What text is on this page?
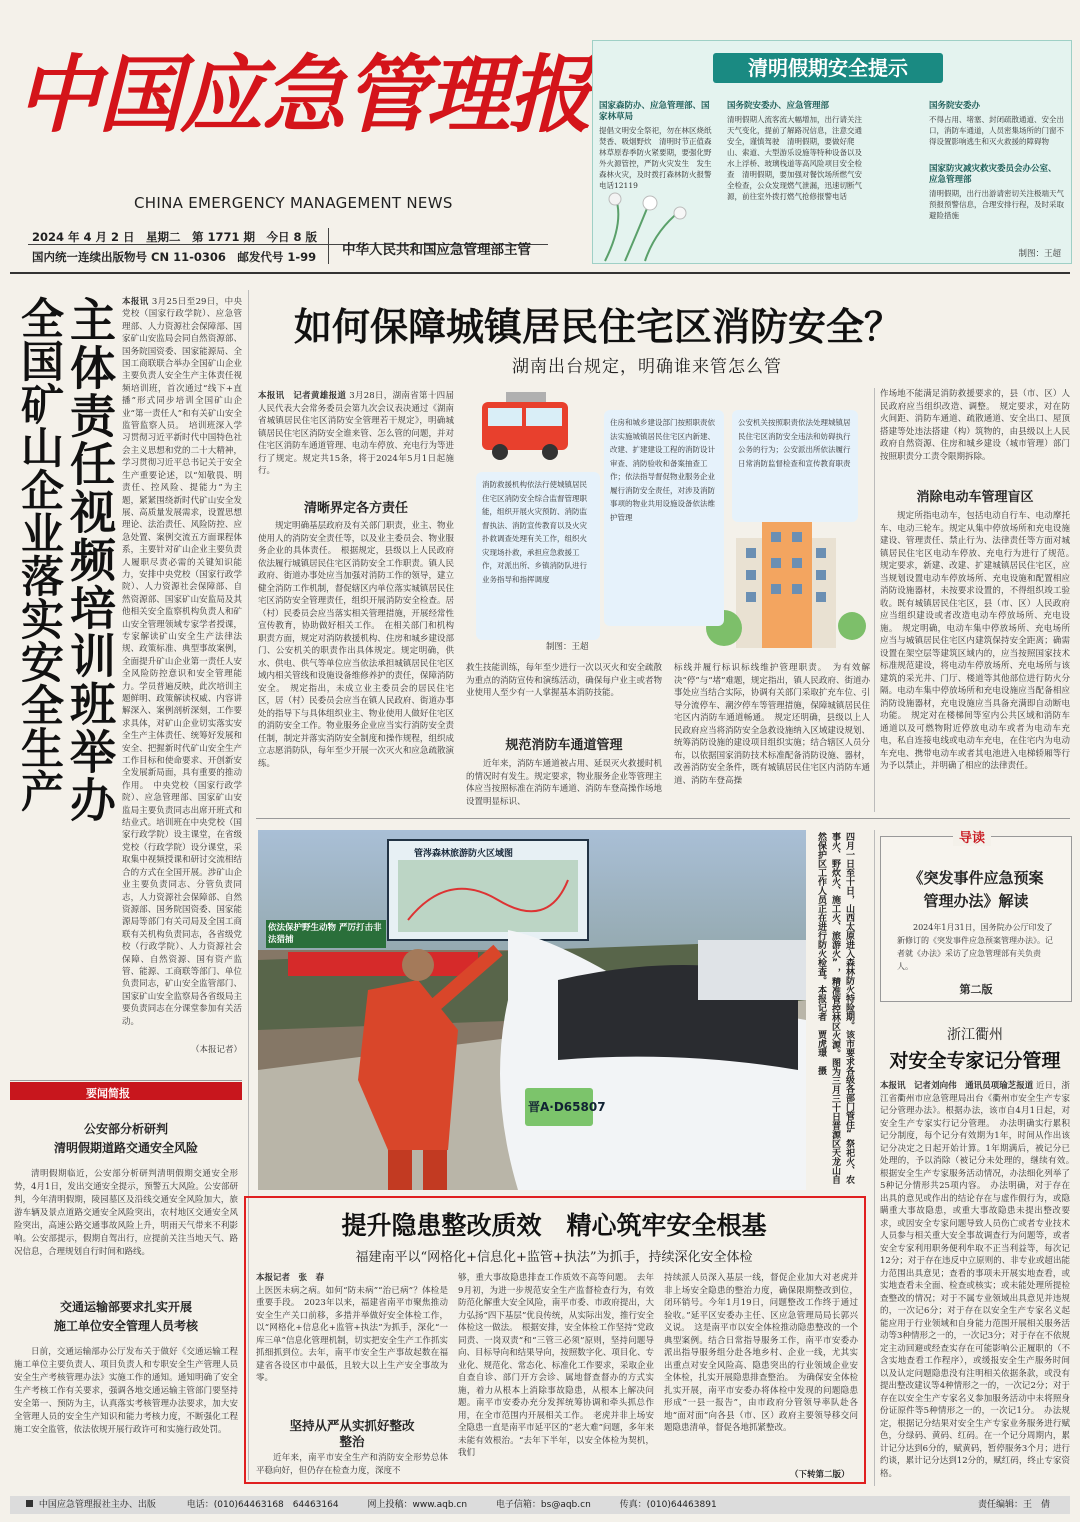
中国应急管理报
CHINA EMERGENCY MANAGEMENT NEWS
2024 年 4 月 2 日　星期二　第 1771 期　今日 8 版
国内统一连续出版物号 CN 11-0306　邮发代号 1-99 中华人民共和国应急管理部主管
清明假期安全提示
国家森防办、应急管理部、国家林草局
提倡文明安全祭祀，勿在林区烧纸焚香、吸烟野炊　清明时节正值森林草原春季防火紧要期，要强化野外火源管控，严防火灾发生　发生森林火灾，及时拨打森林防火报警电话12119
国务院安委办、应急管理部
清明假期人流客流大幅增加，出行请关注天气变化，提前了解路况信息，注意交通安全，谨慎驾驶　清明假期，要做好爬山、索道、大型游乐设施等特种设备以及水上浮桥、玻璃栈道等高风险项目安全检查　清明假期，要加强对餐饮场所燃气安全检查，公众发现燃气泄漏，迅速切断气源，前往室外拨打燃气抢修报警电话
国务院安委办
不得占用、堵塞、封闭疏散通道、安全出口，消防车通道，人员密集场所的门窗不得设置影响逃生和灭火救援的障碍物
国家防灾减灾救灾委员会办公室、应急管理部
清明假期，出行出游请密切关注极端天气预报预警信息，合理安排行程，及时采取避险措施
制图：王超
主体责任视频培训班举办
全国矿山企业落实安全生产	本报讯 3月25日至29日，中央党校（国家行政学院）、应急管理部、人力资源社会保障部、国家矿山安监局会同自然资源部、国务院国资委、国家能源局、全国工商联联合举办全国矿山企业主要负责人安全生产主体责任视频培训班，首次通过“线下+直播”形式同步培训全国矿山企业“第一责任人”和有关矿山安全监管监察人员。　培训班深入学习贯彻习近平新时代中国特色社会主义思想和党的二十大精神，学习贯彻习近平总书记关于安全生产重要论述，以“知敬畏、明责任、控风险、提能力”为主题，紧紧围绕新时代矿山安全发展、高质量发展需求，设置思想理论、法治责任、风险防控、应急处置、案例交流五方面课程体系，主要针对矿山企业主要负责人履职尽责必需的关键知识能力，安排中央党校（国家行政学院）、人力资源社会保障部、自然资源部、国家矿山安监局及其他相关安全监察机构负责人和矿山安全管理领域专家学者授课，专家解读矿山安全生产法律法规、政策标准、典型事故案例，全面提升矿山企业第一责任人安全风险防控意识和安全管理能力。学员普遍反映，此次培训主题鲜明、政策解读权威、内容讲解深入、案例剖析深刻，工作要求具体，对矿山企业切实落实安全生产主体责任、统筹好发展和安全、把握新时代矿山安全生产工作目标和使命要求、开创新安全发展新局面，具有重要的推动作用。　中央党校（国家行政学院）、应急管理部、国家矿山安监局主要负责同志出席开班式和结业式。培训班在中央党校（国家行政学院）设主课堂，在省级党校（行政学院）设分课堂，采取集中视频授课和研讨交流相结合的方式在全国开展。涉矿山企业主要负责同志、分管负责同志，人力资源社会保障部、自然资源部、国务院国资委、国家能源局等部门有关司局及全国工商联有关机构负责同志，各省级党校（行政学院）、人力资源社会保障、自然资源、国有资产监管、能源、工商联等部门、单位负责同志，矿山安全监管部门、国家矿山安全监察局各省级局主要负责同志在分课堂参加有关活动。
（本报记者）
要闻简报
公安部分析研判
清明假期道路交通安全风险
清明假期临近，公安部分析研判清明假期交通安全形势，4月1日，发出交通安全提示，预警五大风险。公安部研判，今年清明假期，陵园墓区及沿线交通安全风险加大，旅游车辆及景点道路交通安全风险突出，农村地区交通安全风险突出，高速公路交通事故风险上升，明雨天气带来不利影响。公安部提示，假期自驾出行，应提前关注当地天气、路况信息，合理规划自行时间和路线。
交通运输部要求扎实开展
施工单位安全管理人员考核
日前，交通运输部办公厅发布关于做好《交通运输工程施工单位主要负责人、项目负责人和专职安全生产管理人员安全生产考核管理办法》实施工作的通知。通知明确了安全生产考核工作有关要求，强调各地交通运输主管部门要坚持安全第一、预防为主，认真落实考核管理办法要求，加大安全管理人员的安全生产知识和能力考核力度，不断强化工程施工安全监管，依法依规开展行政许可和实施行政处罚。
如何保障城镇居民住宅区消防安全？
湖南出台规定，明确谁来管怎么管
本报讯　记者黄雄报道 3月28日，湖南省第十四届人民代表大会常务委员会第九次会议表决通过《湖南省城镇居民住宅区消防安全管理若干规定》，明确城镇居民住宅区消防安全谁来管、怎么管的问题，并对住宅区消防车通道管理、电动车停放、充电行为等进行了规定。规定共15条，将于2024年5月1日起施行。
清晰界定各方责任
规定明确基层政府及有关部门职责，业主、物业使用人的消防安全责任等，以及业主委员会、物业服务企业的具体责任。　根据规定，县级以上人民政府依法履行城镇居民住宅区消防安全工作职责。镇人民政府、街道办事处应当加强对消防工作的领导，建立健全消防工作机制，督促辖区内单位落实城镇居民住宅区消防安全管理责任，组织开展消防安全检查。居（村）民委员会应当落实相关管理措施，开展经常性宣传教育，协助做好相关工作。　在相关部门和机构职责方面，规定对消防救援机构、住房和城乡建设部门、公安机关的职责作出具体规定。规定明确，供水、供电、供气等单位应当依法承担城镇居民住宅区域内相关管线和设施设备维修养护的责任，保障消防安全。　规定指出，未成立业主委员会的居民住宅区，居（村）民委员会应当在镇人民政府、街道办事处的指导下与具体组织业主、物业使用人做好住宅区的消防安全工作。物业服务企业应当实行消防安全责任制，制定并落实消防安全制度和操作规程，组织成立志愿消防队，每年至少开展一次灭火和应急疏散演练。
住房和城乡建设部门按照职责依法实施城镇居民住宅区内新建、改建、扩建建设工程的消防设计审查、消防验收和备案抽查工作；依法指导督促物业服务企业履行消防安全责任，对涉及消防事项的物业共用设施设备依法维护管理
公安机关按照职责依法处理城镇居民住宅区消防安全违法和妨碍执行公务的行为；公安派出所依法履行日常消防监督检查和宣传教育职责
消防救援机构依法行使城镇居民住宅区消防安全综合监督管理职能，组织开展火灾预防、消防监督执法、消防宣传教育以及火灾扑救调查处理有关工作，组织火灾现场扑救，承担应急救援工作，对派出所、乡镇消防队进行业务指导和指挥调度
制图：王超
救生技能训练，每年至少进行一次以灭火和安全疏散为重点的消防宣传和演练活动，确保每户业主或者物业使用人至少有一人掌握基本消防技能。
规范消防车通道管理
近年来，消防车通道被占用、延误灭火救援时机的情况时有发生。规定要求，物业服务企业等管理主体应当按照标准在消防车通道、消防车登高操作场地设置明显标识、
标线并履行标识标线维护管理职责。　为有效解决“停”与“堵”难题，规定指出，镇人民政府、街道办事处应当结合实际，协调有关部门采取扩充车位、引导分流停车、潮汐停车等管理措施，保障城镇居民住宅区内消防车通道畅通。　规定还明确，县级以上人民政府应当将消防安全急救设施纳入区域建设规划、统筹消防设施的建设项目组织实施；结合辖区人员分布，以依据国家消防技术标准配备消防设施、器材，改善消防安全条件，既有城镇居民住宅区内消防车通道、消防车登高操
作场地不能满足消防救援要求的，县（市、区）人民政府应当组织改造、调整。　规定要求，对在防火间距、消防车通道、疏散通道、安全出口、屋顶搭建等处违法搭建（构）筑物的，由县级以上人民政府自然资源、住房和城乡建设（城市管理）部门按照职责分工责令限期拆除。
消除电动车管理盲区
规定所指电动车，包括电动自行车、电动摩托车、电动三轮车。规定从集中停放场所和充电设施建设、管理责任、禁止行为、法律责任等方面对城镇居民住宅区电动车停放、充电行为进行了规范。　规定要求，新建、改建、扩建城镇居民住宅区，应当规划设置电动车停放场所、充电设施和配置相应消防设施器材，未按要求设置的，不得组织竣工验收。既有城镇居民住宅区，县（市、区）人民政府应当组织建设或者改造电动车停放场所、充电设施。　规定明确，电动车集中停放场所、充电场所应当与城镇居民住宅区内建筑保持安全距离；确需设置在架空层等建筑区域内的，应当按照国家技术标准规范建设，将电动车停放场所、充电场所与该建筑的采光井、门厅、楼道等其他部位进行防火分隔。电动车集中停放场所和充电设施应当配备相应消防设施器材，充电设施应当具备充满即自动断电功能。　规定对在楼梯间等室内公共区域和消防车通道以及可燃物附近停放电动车或者为电动车充电，私自连接电线或电动车充电，在住宅内为电动车充电、携带电动车或者其电池进入电梯轿厢等行为予以禁止，并明确了相应的法律责任。
管涔森林旅游防火区域图
依法保护野生动物 严厉打击非法猎捕
晋A·D65807	四月一日至十日，山西太原进入森林防火特险期。该市要求各级各部门管住“祭祀火、农事火、野炊火、施工火、旅游火”，精准管控林区火源。图为三月三十日晋源区天龙山自然保护区工作人员正在进行防火检查。本报记者　贾虎璟　摄	导读
《突发事件应急预案
管理办法》解读
2024年1月31日，国务院办公厅印发了新修订的《突发事件应急预案管理办法》。记者就《办法》采访了应急管理部有关负责人。
第二版
浙江衢州
对安全专家记分管理
本报讯　记者刘向伟　通讯员项瑜芝报道 近日，浙江省衢州市应急管理局出台《衢州市安全生产专家记分管理办法》。根据办法，该市自4月1日起，对安全生产专家实行记分管理。　办法明确实行累积记分制度，每个记分有效期为1年，时间从作出该记分决定之日起开始计算。1年期满后，被记分已处理的，予以消除（被记分未处理的，继续有效。　根据安全生产专家服务活动情况，办法细化列举了5种记分情形共25项内容。　办法明确，对于存在出具的意见或作出的结论存在与虚作假行为，或隐瞒重大事故隐患，或重大事故隐患未提出整改要求，或因安全专家问题导致人员伤亡或者专业技术人员参与相关重大安全事故调查行为问题等，或者安全专家利用职务便利牟取不正当利益等，每次记12分；对于存在违反中立原则的、非专业或超出能力范围出具意见；查看的事项未开展实地查看，或实地查看未全面、检查或核实；或未能处理所提检查整改的情况；对于不属专业领域出具意见并违规的，一次记6分；对于存在以安全生产专家名义起能应用于行业领域和自身能力范围开展相关服务活动等3种情形之一的，一次记3分；对于存在不依规定主动回避或经查实存在可能影响公正履职的（不含实地查看工作程序），或缓报安全生产服务时间以及认定问题隐患没有注明相关依据条款，或没有提出整改建议等4种情形之一的，一次记2分；对于存在以安全生产专家名义参加服务活动中未将照身份证原件等5种情形之一的，一次记1分。　办法规定，根据记分结果对安全生产专家业务服务进行赋色，分绿码、黄码、红码。在一个记分周期内，累计记分达到6分的，赋黄码，暂停服务3个月；进行约谈，累计记分达到12分的，赋红码，终止专家资格。
提升隐患整改质效　精心筑牢安全根基
福建南平以“网格化+信息化+监管+执法”为抓手，持续深化安全体检
本报记者　张　春
上医医未病之病。如何“防未病”“治已病”？体检是重要手段。　2023年以来，福建省南平市聚焦推动安全生产关口前移，多措并举做好安全体检工作，以“网格化+信息化+监管+执法”为抓手，深化“一库三单”信息化管理机制，切实把安全生产工作抓实抓细抓到位。去年，南平市安全生产事故起数在福建省各设区市中最低，且较大以上生产安全事故为零。
坚持从严从实抓好整改整治
近年来，南平市安全生产和消防安全形势总体平稳向好，但仍存在检查力度，深度不
够，重大事故隐患排查工作质效不高等问题。　去年9月初，为进一步规范安全生产监督检查行为，有效防范化解重大安全风险，南平市委、市政府提出，大力弘扬“四下基层”优良传统，从实际出发，推行安全体检这一做法。　根据安排，安全体检工作坚持“党政同责、一岗双责”和“三管三必须”原则，坚持问题导向、目标导向和结果导向，按照数字化、项目化、专业化、规范化、常态化、标准化工作要求，采取企业自查自诊、部门开方会诊、属地督查督办的方式实施，着力从根本上消除事故隐患，从根本上解决问题。南平市安委办充分发挥统筹协调和牵头抓总作用，在全市范围内开展相关工作。　老虎并非上场安全隐患一直是南平市延平区的“老大难”问题，多年来未能有效根治。“去年下半年，以安全体检为契机，我们
持续派人员深入基层一线，督促企业加大对老虎并非上场安全隐患的整治力度，确保限期整改到位，闭环销号。今年1月19日，问题整改工作终于通过验收。”延平区安委办主任、区应急管理局局长郭兴义说。　这是南平市以安全体检推动隐患整改的一个典型案例。结合日常指导服务工作，南平市安委办派出指导服务组分赴各地乡村、企业一线，尤其实出重点对安全风险高、隐患突出的行业领域企业安全体检，扎实开展隐患排查整治。　为确保安全体检扎实开展，南平市安委办将体检中发现的问题隐患形成“一县一报告”，由市政府分管领导率队赴各地“面对面”向各县（市、区）政府主要领导移交问题隐患清单，督促各地抓紧整改。
（下转第二版）
中国应急管理报社主办、出版	电话：(010)64463168　64463164	网上投稿：www.aqb.cn	电子信箱：bs@aqb.cn	传真：(010)64463891	责任编辑：王　倩
